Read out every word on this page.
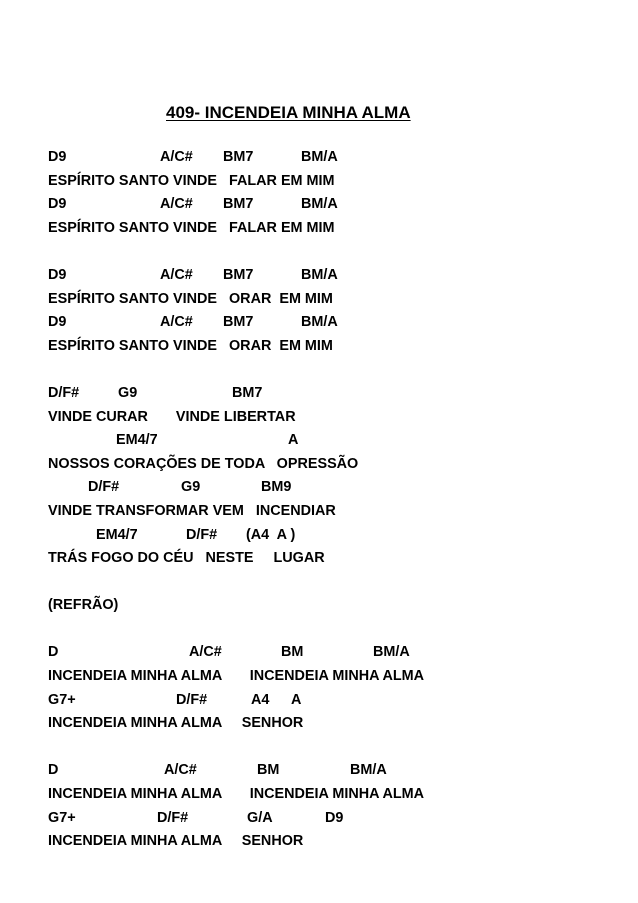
409- INCENDEIA MINHA ALMA
D9	A/C# BM7	BM/A
ESPÍRITO SANTO VINDE   FALAR EM MIM
D9	A/C# BM7	BM/A
ESPÍRITO SANTO VINDE   FALAR EM MIM
D9	A/C# BM7	BM/A
ESPÍRITO SANTO VINDE   ORAR  EM MIM
D9	A/C# BM7	BM/A
ESPÍRITO SANTO VINDE   ORAR  EM MIM
D/F#	G9	BM7
VINDE CURAR       VINDE LIBERTAR
EM4/7	A
NOSSOS CORAÇÕES DE TODA   OPRESSÃO
D/F#	G9	BM9
VINDE TRANSFORMAR VEM   INCENDIAR
EM4/7	D/F# (A4  A )
TRÁS FOGO DO CÉU   NESTE     LUGAR
(REFRÃO)
D	A/C#	BM	BM/A
INCENDEIA MINHA ALMA       INCENDEIA MINHA ALMA
G7+	D/F#	A4 A
INCENDEIA MINHA ALMA     SENHOR
D	A/C#	BM	BM/A
INCENDEIA MINHA ALMA       INCENDEIA MINHA ALMA
G7+	D/F#	G/A	D9
INCENDEIA MINHA ALMA     SENHOR
